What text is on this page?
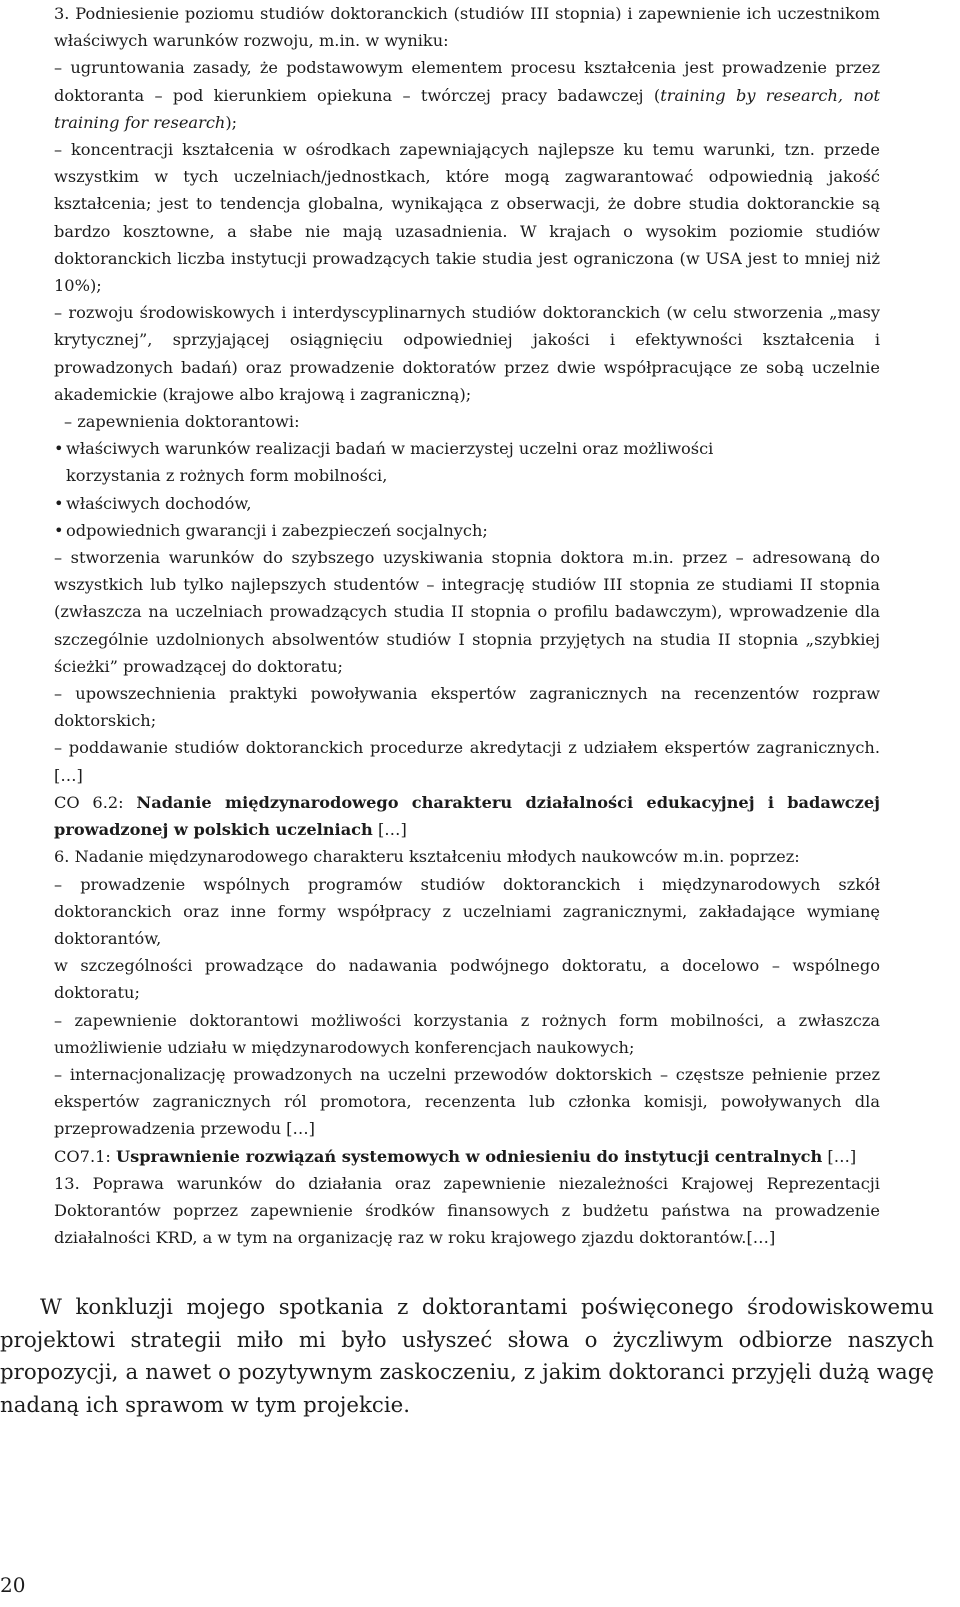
3. Podniesienie poziomu studiów doktoranckich (studiów III stopnia) i zapewnienie ich uczestnikom właściwych warunków rozwoju, m.in. w wyniku:

– ugruntowania zasady, że podstawowym elementem procesu kształcenia jest prowadzenie przez doktoranta – pod kierunkiem opiekuna – twórczej pracy badawczej (training by research, not training for research);

– koncentracji kształcenia w ośrodkach zapewniających najlepsze ku temu warunki, tzn. przede wszystkim w tych uczelniach/jednostkach, które mogą zagwarantować odpowiednią jakość kształcenia; jest to tendencja globalna, wynikająca z obserwacji, że dobre studia doktoranckie są bardzo kosztowne, a słabe nie mają uzasadnienia. W krajach o wysokim poziomie studiów doktoranckich liczba instytucji prowadzących takie studia jest ograniczona (w USA jest to mniej niż 10%);

– rozwoju środowiskowych i interdyscyplinarnych studiów doktoranckich (w celu stworzenia „masy krytycznej”, sprzyjającej osiągnięciu odpowiedniej jakości i efektywności kształcenia i prowadzonych badań) oraz prowadzenie doktoratów przez dwie współpracujące ze sobą uczelnie akademickie (krajowe albo krajową i zagraniczną);

– zapewnienia doktorantowi:

• właściwych warunków realizacji badań w macierzystej uczelni oraz możliwości

korzystania z rożnych form mobilności,

• właściwych dochodów,

• odpowiednich gwarancji i zabezpieczeń socjalnych;

– stworzenia warunków do szybszego uzyskiwania stopnia doktora m.in. przez – adresowaną do wszystkich lub tylko najlepszych studentów – integrację studiów III stopnia ze studiami II stopnia (zwłaszcza na uczelniach prowadzących studia II stopnia o profilu badawczym), wprowadzenie dla szczególnie uzdolnionych absolwentów studiów I stopnia przyjętych na studia II stopnia „szybkiej ścieżki” prowadzącej do doktoratu;

– upowszechnienia praktyki powoływania ekspertów zagranicznych na recenzentów rozpraw doktorskich;

– poddawanie studiów doktoranckich procedurze akredytacji z udziałem ekspertów zagranicznych. […]

CO 6.2: Nadanie międzynarodowego charakteru działalności edukacyjnej i badawczej prowadzonej w polskich uczelniach […]

6. Nadanie międzynarodowego charakteru kształceniu młodych naukowców m.in. poprzez:

– prowadzenie wspólnych programów studiów doktoranckich i międzynarodowych szkół doktoranckich oraz inne formy współpracy z uczelniami zagranicznymi, zakładające wymianę doktorantów,

w szczególności prowadzące do nadawania podwójnego doktoratu, a docelowo – wspólnego doktoratu;

– zapewnienie doktorantowi możliwości korzystania z rożnych form mobilności, a zwłaszcza umożliwienie udziału w międzynarodowych konferencjach naukowych;

– internacjonalizację prowadzonych na uczelni przewodów doktorskich – częstsze pełnienie przez ekspertów zagranicznych ról promotora, recenzenta lub członka komisji, powoływanych dla przeprowadzenia przewodu […]

CO7.1: Usprawnienie rozwiązań systemowych w odniesieniu do instytucji centralnych […]

13. Poprawa warunków do działania oraz zapewnienie niezależności Krajowej Reprezentacji Doktorantów poprzez zapewnienie środków finansowych z budżetu państwa na prowadzenie działalności KRD, a w tym na organizację raz w roku krajowego zjazdu doktorantów.[…]

W konkluzji mojego spotkania z doktorantami poświęconego środowiskowemu projektowi strategii miło mi było usłyszeć słowa o życzliwym odbiorze naszych propozycji, a nawet o pozytywnym zaskoczeniu, z jakim doktoranci przyjęli dużą wagę nadaną ich sprawom w tym projekcie.

20
